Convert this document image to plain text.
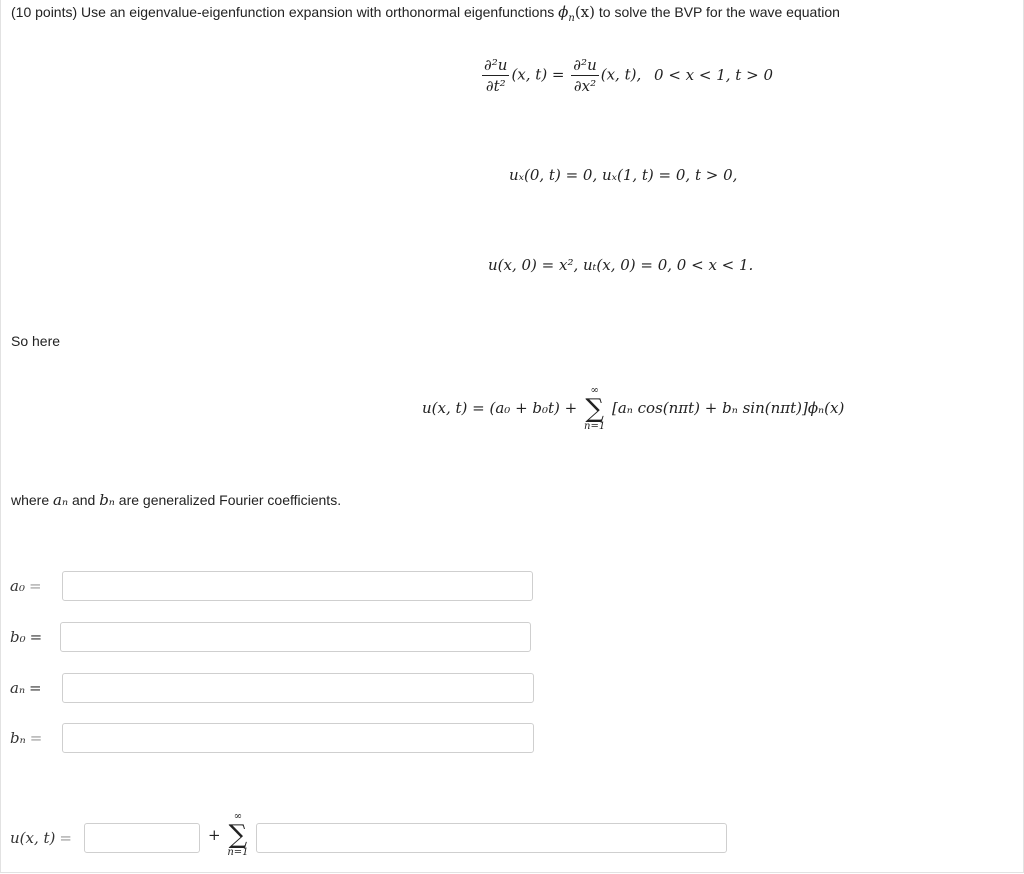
(10 points) Use an eigenvalue-eigenfunction expansion with orthonormal eigenfunctions $\phi_n(x)$ to solve the BVP for the wave equation
$\frac{\text{∂²u}}{\text{∂t²}} (x$, $t) = \frac{\text{∂²u}}{\text{∂x²}} (x$, t), 0 < x < 1, t > 0
uₓ(0, t) = 0, uₓ(1, t) = 0, t > 0,
u(x, 0) = x², uₜ(x, 0) = 0, 0 < x < 1.
So here
u(x, t) = (a₀ + b₀t) +
∞
∑
n=1
[aₙ cos(nπt) + bₙ sin(nπt)]ϕₙ(x)
where aₙ and bₙ are generalized Fourier coefficients.
a₀ =
b₀ =
aₙ =
bₙ =
u(x, t) =	+
∞
∑
n=1
